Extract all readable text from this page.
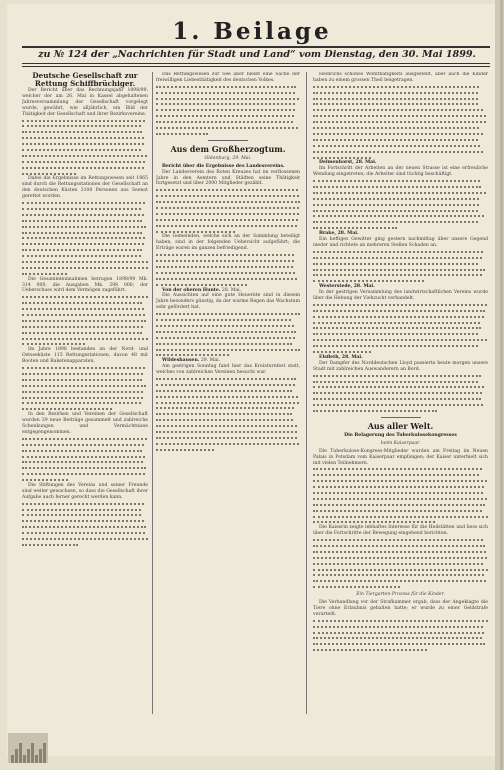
1. Beilage
zu № 124 der „Nachrichten für Stadt und Land“ vom Dienstag, den 30. Mai 1899.
Deutsche Gesellschaft zur Rettung Schiffbrüchiger.
Der Bericht über das Rechnungsjahr 1898/99, welcher der am 26. Mai in Kassel abgehaltenen Jahresversammlung der Gesellschaft vorgelegt wurde, gewährt, wie alljährlich, ein Bild der Thätigkeit der Gesellschaft und ihrer Bezirksvereine.
Dabei die Ergebnisse im Rettungswesen seit 1865 sind durch die Rettungsstationen der Gesellschaft an den deutschen Küsten 3100 Personen aus Seenot gerettet worden.
Die Gesammteinnahmen betrugen 1898/99 Mk. 314 000, die Ausgaben Mk. 298 000; der Ueberschuss wird dem Vermögen zugeführt.
Im Jahre 1898 bestanden an der Nord- und Ostseeküste 115 Rettungsstationen, davon 48 mit Booten und Raketenapparaten.
In den Bezirken und Vereinen der Gesellschaft wurden 39 neue Beiträge gesammelt und zahlreiche Schenkungen und Vermächtnisse entgegengenommen.
Die Stiftungen des Vereins und seiner Freunde sind weiter gewachsen, so dass die Gesellschaft ihrer Aufgabe auch ferner gerecht werden kann.
Das Rettungswesen zur See aber bleibt eine Sache der freiwilligen Liebesthätigkeit des deutschen Volkes.
Aus dem Großherzogtum.
Oldenburg, 29. Mai.
Bericht über die Ergebnisse des Landesvereins.
Der Landesverein des Roten Kreuzes hat im verflossenen Jahre in den Aemtern und Städten seine Thätigkeit fortgesetzt und über 2000 Mitglieder gezählt.
Die Gemeinden, welche sich an der Sammlung beteiligt haben, sind in der folgenden Uebersicht aufgeführt; die Erträge waren im ganzen befriedigend.
Von der oberen Hunte. 28. Mai.
Die Aussichten auf eine gute Heuernte sind in diesem Jahre besonders günstig, da der warme Regen das Wachstum sehr gefördert hat.
Wildeshausen. 29. Mai.
Am gestrigen Sonntag fand hier das Kreisturnfest statt, welches von zahlreichen Vereinen besucht war.
Heinrichs schönes Wohlthätigkeits ausgestellt, aber auch die Kinder haben zu einem grossen Theil beigetragen.
Delmenhorst, 28. Mai.
Im Fortschritt der Arbeiten an der neuen Strasse ist eine erfreuliche Wendung eingetreten; die Arbeiter sind tüchtig beschäftigt.
Brake, 28. Mai.
Ein heftiges Gewitter ging gestern nachmittag über unsere Gegend nieder und richtete an mehreren Stellen Schaden an.
Westerstede, 28. Mai.
In der gestrigen Versammlung des landwirtschaftlichen Vereins wurde über die Hebung der Viehzucht verhandelt.
Elsfleth, 28. Mai.
Der Dampfer des Norddeutschen Lloyd passierte heute morgen unsere Stadt mit zahlreichen Auswanderern an Bord.
Aus aller Welt.
Die Belagerung des Tuberkulosekongresses
beim Kaiserpaar.
Die Tuberkulose-Kongress-Mitglieder wurden am Freitag im Neuen Palais in Potsdam vom Kaiserpaar empfangen; der Kaiser unterhielt sich mit vielen Teilnehmern.
Die Kaiserin zeigte lebhaftes Interesse für die Heilstätten und liess sich über die Fortschritte der Bewegung eingehend berichten.
Ein Tiergarten-Prozess für die Kinder.
Die Verhandlung vor der Strafkammer ergab, dass der Angeklagte die Tiere ohne Erlaubnis gehalten hatte; er wurde zu einer Geldstrafe verurteilt.
